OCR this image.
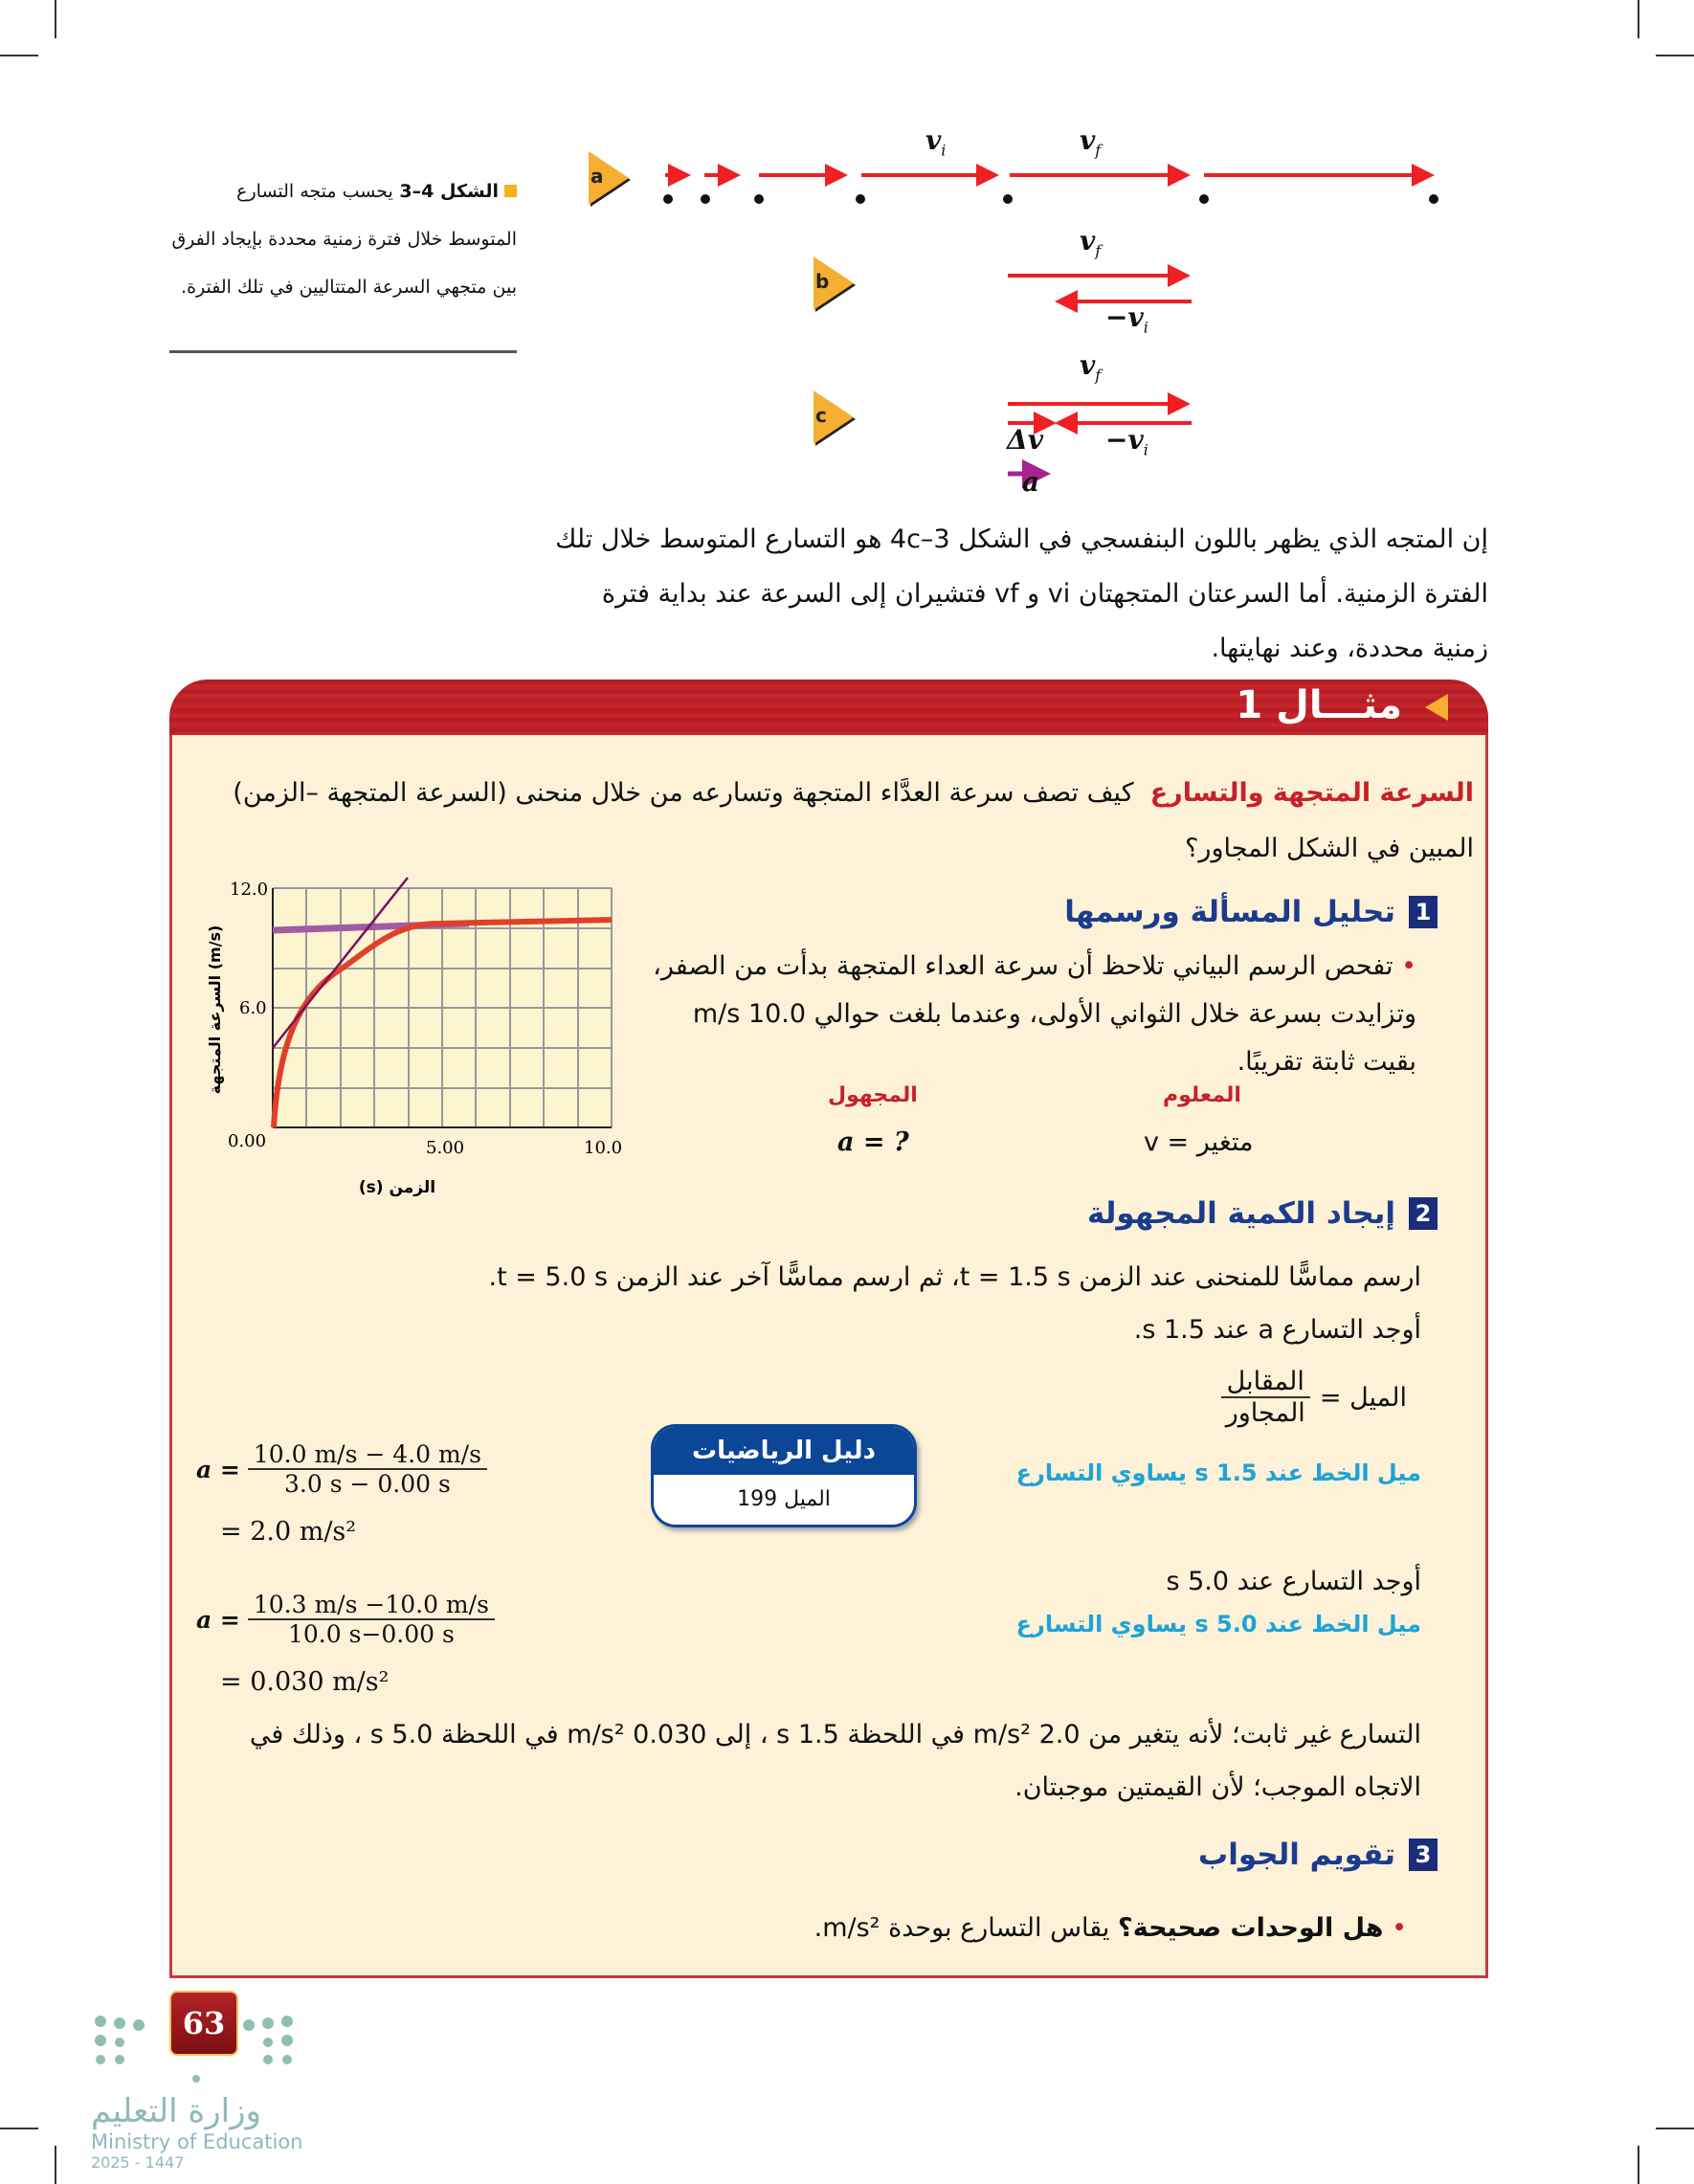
الشكل 4–3 يحسب متجه التسارع المتوسط خلال فترة زمنية محددة بإيجاد الفرق بين متجهي السرعة المتتاليين في تلك الفترة.
a
b
c
$v_i$	$v_f$
$v_f$
$-v_i$
$v_f$
$\Delta v -v_i$
a
إن المتجه الذي يظهر باللون البنفسجي في الشكل 3–4c هو التسارع المتوسط خلال تلك الفترة الزمنية. أما السرعتان المتجهتان vi و vf فتشيران إلى السرعة عند بداية فترة زمنية محددة، وعند نهايتها.
مثـــال 1
السرعة المتجهة والتسارع  كيف تصف سرعة العدَّاء المتجهة وتسارعه من خلال منحنى (السرعة المتجهة –الزمن) المبين في الشكل المجاور؟
12.0
6.0
0.00	5.00	10.0
الزمن (s)
السرعة المتجهة (m/s)
1
تحليل المسألة ورسمها
• تفحص الرسم البياني تلاحظ أن سرعة العداء المتجهة بدأت من الصفر، وتزايدت بسرعة خلال الثواني الأولى، وعندما بلغت حوالي 10.0 m/s بقيت ثابتة تقريبًا.
المجهول	المعلوم
a = ?	v = متغير
2
إيجاد الكمية المجهولة
ارسم مماسًّا للمنحنى عند الزمن t = 1.5 s، ثم ارسم مماسًّا آخر عند الزمن t = 5.0 s.
أوجد التسارع a عند 1.5 s.
الميل =
$\frac{\text{المقابل}}{\text{المجاور}}$
ميل الخط عند 1.5 s يساوي التسارع
دليل الرياضيات
الميل 199
$a = \frac{10.0 m/s - 4.0 m/s}{3.0 s - 0.00 s}$
= 2.0 m/s²
أوجد التسارع عند 5.0 s
ميل الخط عند 5.0 s يساوي التسارع
$a = \frac{10.3 m/s -10.0 m/s}{10.0 s-0.00 s}$
= 0.030 m/s²
التسارع غير ثابت؛ لأنه يتغير من 2.0 m/s² في اللحظة 1.5 s ، إلى 0.030 m/s² في اللحظة 5.0 s ، وذلك في الاتجاه الموجب؛ لأن القيمتين موجبتان.
3
تقويم الجواب
• هل الوحدات صحيحة؟ يقاس التسارع بوحدة m/s².
وزارة التعليم
Ministry of Education
2025 - 1447
63
